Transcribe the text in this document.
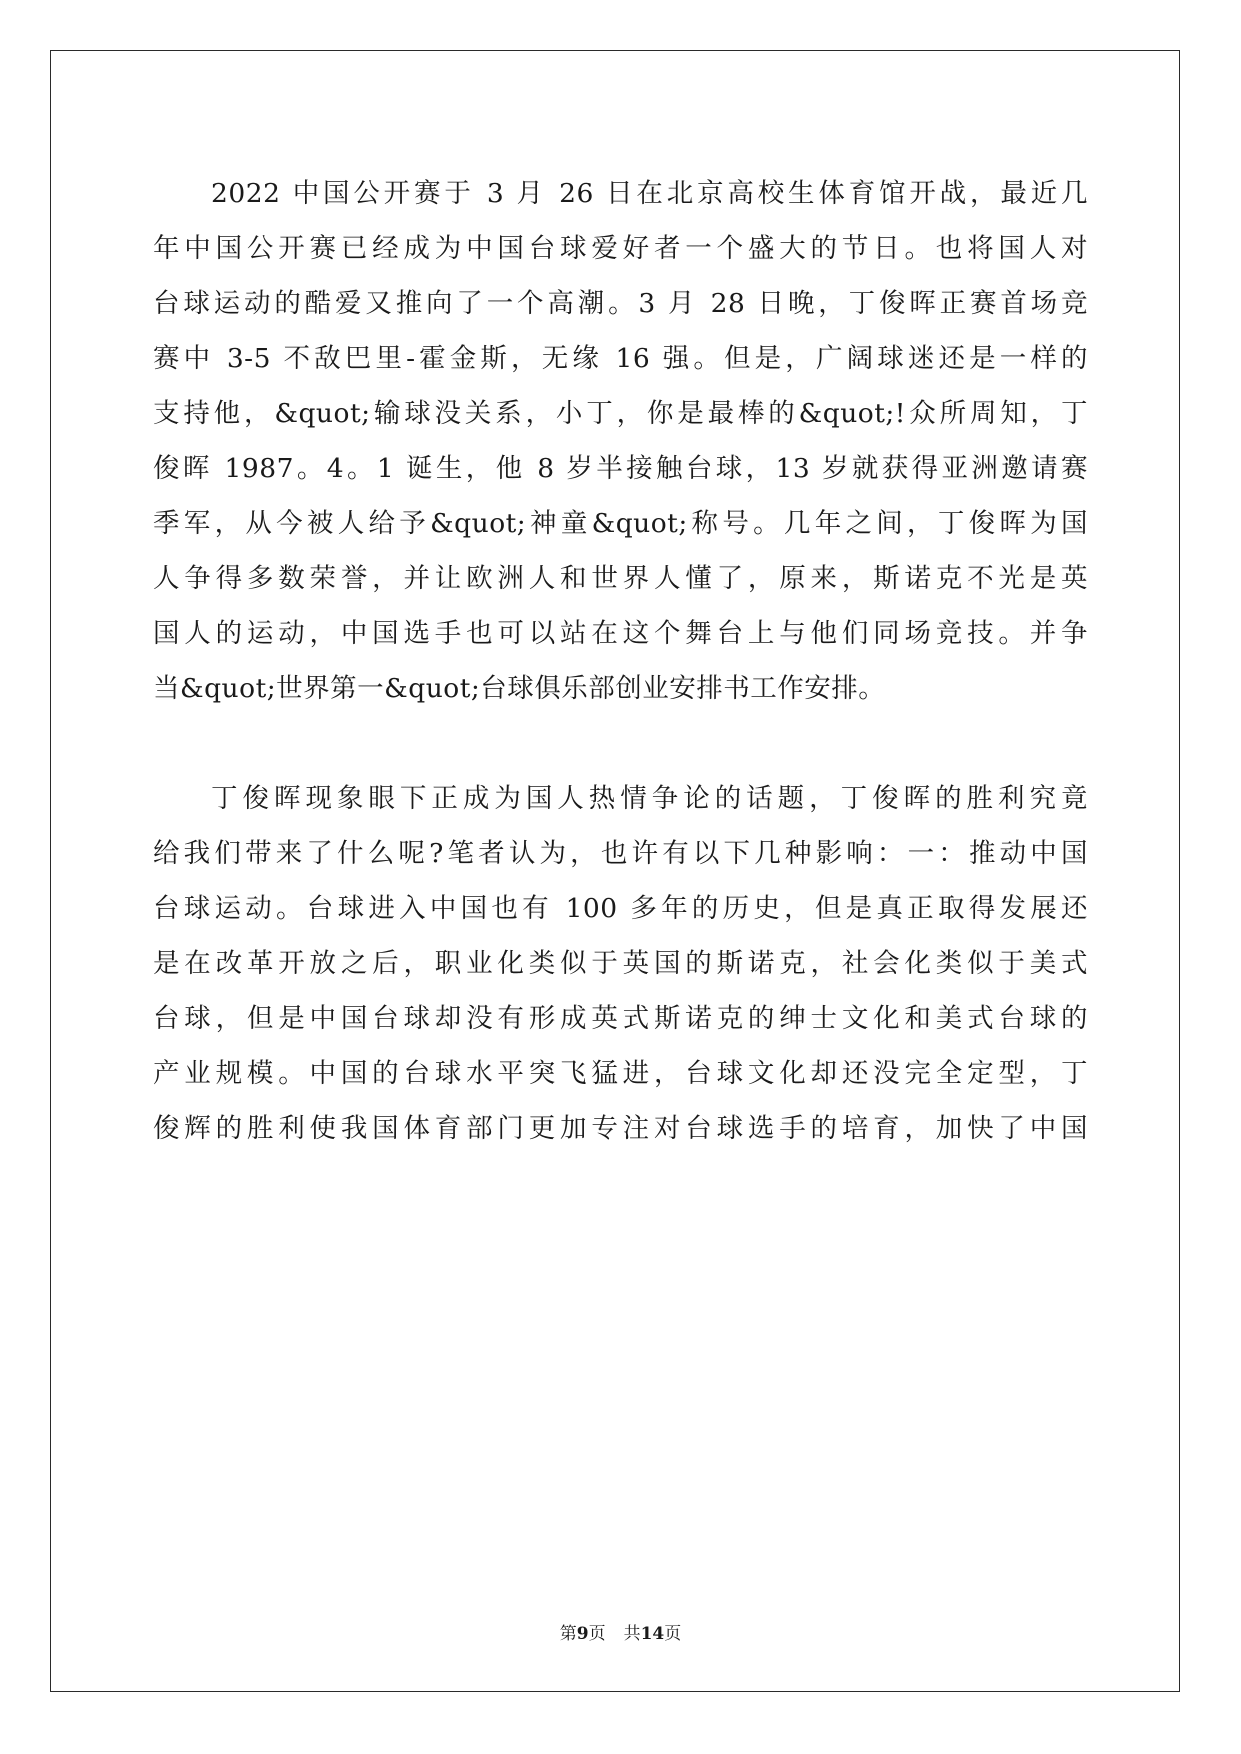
2022 中国公开赛于 3 月 26 日在北京高校生体育馆开战，最近几
年中国公开赛已经成为中国台球爱好者一个盛大的节日。也将国人对
台球运动的酷爱又推向了一个高潮。3 月 28 日晚，丁俊晖正赛首场竞
赛中 3-5 不敌巴里-霍金斯，无缘 16 强。但是，广阔球迷还是一样的
支持他，&quot;输球没关系，小丁，你是最棒的&quot;!众所周知，丁
俊晖 1987。4。1 诞生，他 8 岁半接触台球，13 岁就获得亚洲邀请赛
季军，从今被人给予&quot;神童&quot;称号。几年之间，丁俊晖为国
人争得多数荣誉，并让欧洲人和世界人懂了，原来，斯诺克不光是英
国人的运动，中国选手也可以站在这个舞台上与他们同场竞技。并争
当&quot;世界第一&quot;台球俱乐部创业安排书工作安排。
丁俊晖现象眼下正成为国人热情争论的话题，丁俊晖的胜利究竟
给我们带来了什么呢?笔者认为，也许有以下几种影响：一：推动中国
台球运动。台球进入中国也有 100 多年的历史，但是真正取得发展还
是在改革开放之后，职业化类似于英国的斯诺克，社会化类似于美式
台球，但是中国台球却没有形成英式斯诺克的绅士文化和美式台球的
产业规模。中国的台球水平突飞猛进，台球文化却还没完全定型，丁
俊辉的胜利使我国体育部门更加专注对台球选手的培育，加快了中国
第9页 共14页
